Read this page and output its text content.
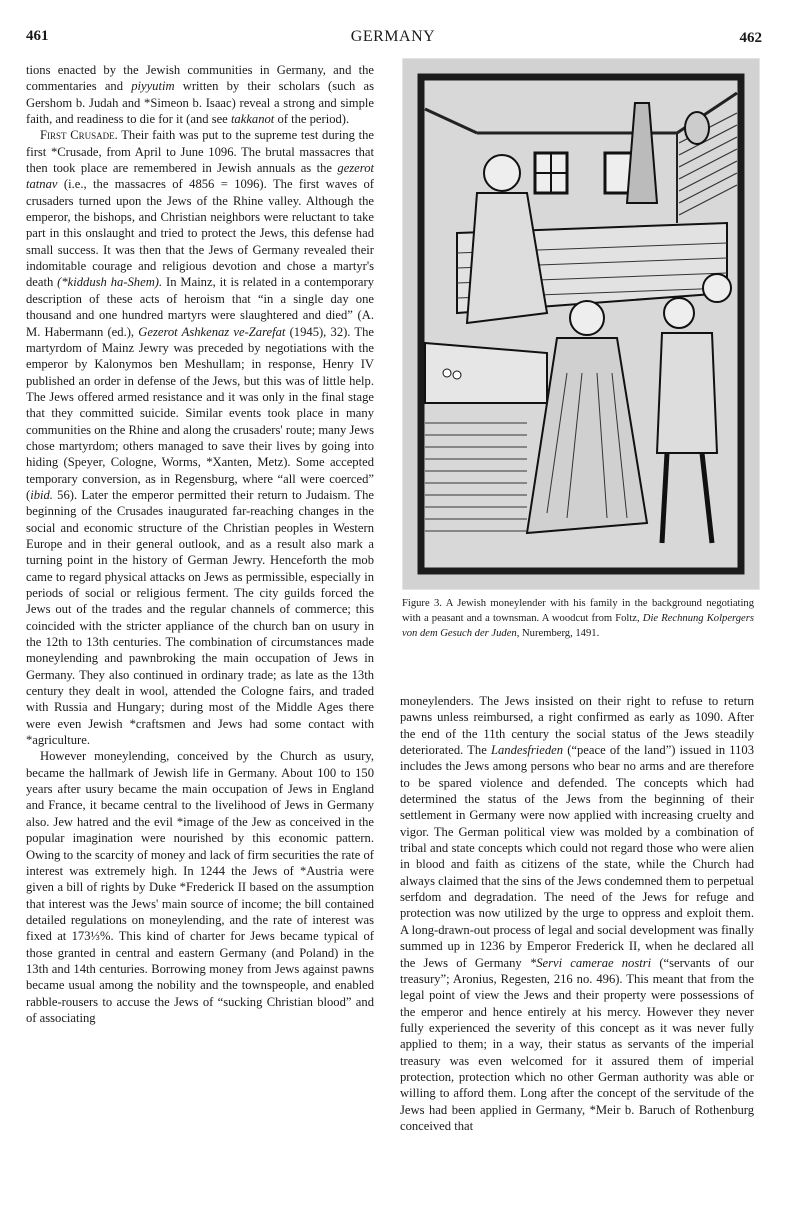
461	GERMANY	462

tions enacted by the Jewish communities in Germany, and the commentaries and piyyutim written by their scholars (such as Gershom b. Judah and *Simeon b. Isaac) reveal a strong and simple faith, and readiness to die for it (and see takkanot of the period).

First Crusade. Their faith was put to the supreme test during the first *Crusade, from April to June 1096. The brutal massacres that then took place are remembered in Jewish annuals as the gezerot tatnav (i.e., the massacres of 4856 = 1096). The first waves of crusaders turned upon the Jews of the Rhine valley. Although the emperor, the bishops, and Christian neighbors were reluctant to take part in this onslaught and tried to protect the Jews, this defense had small success. It was then that the Jews of Germany revealed their indomitable courage and religious devotion and chose a martyr's death (*kiddush ha-Shem). In Mainz, it is related in a contemporary description of these acts of heroism that “in a single day one thousand and one hundred martyrs were slaughtered and died” (A. M. Habermann (ed.), Gezerot Ashkenaz ve-Zarefat (1945), 32). The martyrdom of Mainz Jewry was preceded by negotiations with the emperor by Kalonymos ben Meshullam; in response, Henry IV published an order in defense of the Jews, but this was of little help. The Jews offered armed resistance and it was only in the final stage that they committed suicide. Similar events took place in many communities on the Rhine and along the crusaders' route; many Jews chose martyrdom; others managed to save their lives by going into hiding (Speyer, Cologne, Worms, *Xanten, Metz). Some accepted temporary conversion, as in Regensburg, where “all were coerced” (ibid. 56). Later the emperor permitted their return to Judaism. The beginning of the Crusades inaugurated far-reaching changes in the social and economic structure of the Christian peoples in Western Europe and in their general outlook, and as a result also mark a turning point in the history of German Jewry. Henceforth the mob came to regard physical attacks on Jews as permissible, especially in periods of social or religious ferment. The city guilds forced the Jews out of the trades and the regular channels of commerce; this coincided with the stricter appliance of the church ban on usury in the 12th to 13th centuries. The combination of circumstances made moneylending and pawnbroking the main occupation of Jews in Germany. They also continued in ordinary trade; as late as the 13th century they dealt in wool, attended the Cologne fairs, and traded with Russia and Hungary; during most of the Middle Ages there were even Jewish *craftsmen and Jews had some contact with *agriculture.

However moneylending, conceived by the Church as usury, became the hallmark of Jewish life in Germany. About 100 to 150 years after usury became the main occupation of Jews in England and France, it became central to the livelihood of Jews in Germany also. Jew hatred and the evil *image of the Jew as conceived in the popular imagination were nourished by this economic pattern. Owing to the scarcity of money and lack of firm securities the rate of interest was extremely high. In 1244 the Jews of *Austria were given a bill of rights by Duke *Frederick II based on the assumption that interest was the Jews' main source of income; the bill contained detailed regulations on moneylending, and the rate of interest was fixed at 173⅓%. This kind of charter for Jews became typical of those granted in central and eastern Germany (and Poland) in the 13th and 14th centuries. Borrowing money from Jews against pawns became usual among the nobility and the townspeople, and enabled rabble-rousers to accuse the Jews of “sucking Christian blood” and of associating

Figure 3. A Jewish moneylender with his family in the background negotiating with a peasant and a townsman. A woodcut from Foltz, Die Rechnung Kolpergers von dem Gesuch der Juden, Nuremberg, 1491.

moneylenders. The Jews insisted on their right to refuse to return pawns unless reimbursed, a right confirmed as early as 1090. After the end of the 11th century the social status of the Jews steadily deteriorated. The Landesfrieden (“peace of the land”) issued in 1103 includes the Jews among persons who bear no arms and are therefore to be spared violence and defended. The concepts which had determined the status of the Jews from the beginning of their settlement in Germany were now applied with increasing cruelty and vigor. The German political view was molded by a combination of tribal and state concepts which could not regard those who were alien in blood and faith as citizens of the state, while the Church had always claimed that the sins of the Jews condemned them to perpetual serfdom and degradation. The need of the Jews for refuge and protection was now utilized by the urge to oppress and exploit them. A long-drawn-out process of legal and social development was finally summed up in 1236 by Emperor Frederick II, when he declared all the Jews of Germany *Servi camerae nostri (“servants of our treasury”; Aronius, Regesten, 216 no. 496). This meant that from the legal point of view the Jews and their property were possessions of the emperor and hence entirely at his mercy. However they never fully experienced the severity of this concept as it was never fully applied to them; in a way, their status as servants of the imperial treasury was even welcomed for it assured them of imperial protection, protection which no other German authority was able or willing to afford them. Long after the concept of the servitude of the Jews had been applied in Germany, *Meir b. Baruch of Rothenburg conceived that
